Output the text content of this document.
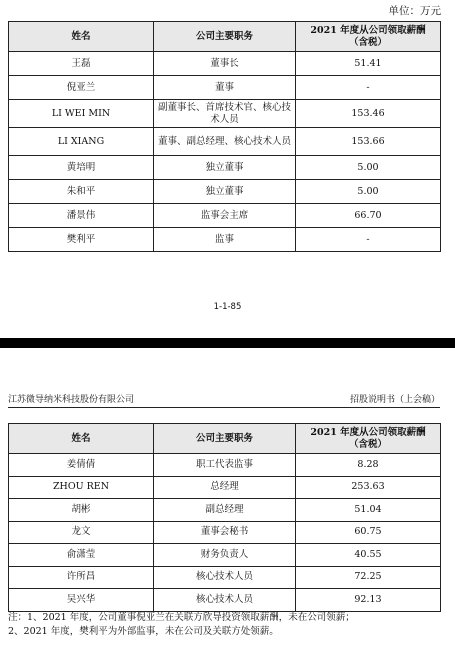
单位：万元
姓名	公司主要职务	2021 年度从公司领取薪酬
（含税）
王磊	董事长	51.41
倪亚兰	董事	-
LI WEI MIN	副董事长、首席技术官、核心技术人员	153.46
LI XIANG	董事、副总经理、核心技术人员	153.66
黄培明	独立董事	5.00
朱和平	独立董事	5.00
潘景伟	监事会主席	66.70
樊利平	监事	-
1-1-85
江苏微导纳米科技股份有限公司	招股说明书（上会稿）
姓名	公司主要职务	2021 年度从公司领取薪酬
（含税）
姜倩倩	职工代表监事	8.28
ZHOU REN	总经理	253.63
胡彬	副总经理	51.04
龙文	董事会秘书	60.75
俞潇莹	财务负责人	40.55
许所昌	核心技术人员	72.25
吴兴华	核心技术人员	92.13
注：1、2021 年度，公司董事倪亚兰在关联方欣导投资领取薪酬，未在公司领薪；
2、2021 年度，樊利平为外部监事，未在公司及关联方处领薪。
